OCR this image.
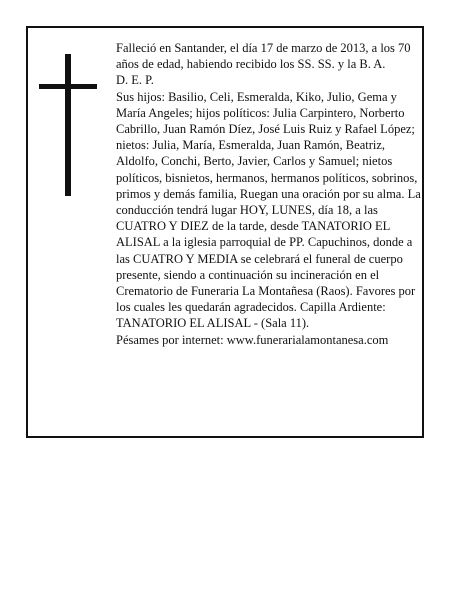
Falleció en Santander, el día 17 de marzo de 2013, a los 70 años de edad, habiendo recibido los SS. SS. y la B. A.

D. E. P.

Sus hijos: Basilio, Celi, Esmeralda, Kiko, Julio, Gema y María Angeles; hijos políticos: Julia Carpintero, Norberto Cabrillo, Juan Ramón Díez, José Luis Ruiz y Rafael López; nietos: Julia, María, Esmeralda, Juan Ramón, Beatriz, Aldolfo, Conchi, Berto, Javier, Carlos y Samuel; nietos políticos, bisnietos, hermanos, hermanos políticos, sobrinos, primos y demás familia, Ruegan una oración por su alma. La conducción tendrá lugar HOY, LUNES, día 18, a las CUATRO Y DIEZ de la tarde, desde TANATORIO EL ALISAL a la iglesia parroquial de PP. Capuchinos, donde a las CUATRO Y MEDIA se celebrará el funeral de cuerpo presente, siendo a continuación su incineración en el Crematorio de Funeraria La Montañesa (Raos). Favores por los cuales les quedarán agradecidos. Capilla Ardiente: TANATORIO EL ALISAL - (Sala 11).

Pésames por internet: www.funerarialamontanesa.com
